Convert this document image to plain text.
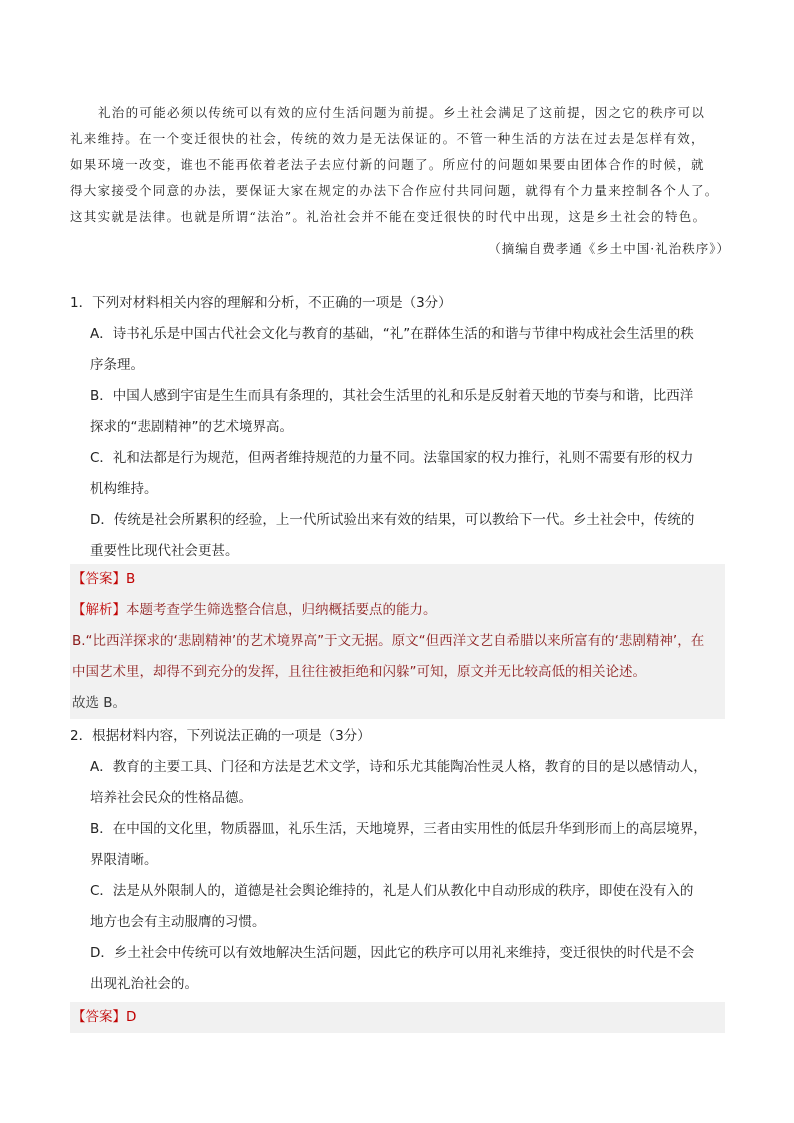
礼治的可能必须以传统可以有效的应付生活问题为前提。乡土社会满足了这前提，因之它的秩序可以

礼来维持。在一个变迁很快的社会，传统的效力是无法保证的。不管一种生活的方法在过去是怎样有效，

如果环境一改变，谁也不能再依着老法子去应付新的问题了。所应付的问题如果要由团体合作的时候，就

得大家接受个同意的办法，要保证大家在规定的办法下合作应付共同问题，就得有个力量来控制各个人了。

这其实就是法律。也就是所谓“法治”。礼治社会并不能在变迁很快的时代中出现，这是乡土社会的特色。

（摘编自费孝通《乡土中国·礼治秩序》）

1．下列对材料相关内容的理解和分析，不正确的一项是（3分）

A．诗书礼乐是中国古代社会文化与教育的基础，“礼”在群体生活的和谐与节律中构成社会生活里的秩

序条理。

B．中国人感到宇宙是生生而具有条理的，其社会生活里的礼和乐是反射着天地的节奏与和谐，比西洋

探求的“悲剧精神”的艺术境界高。

C．礼和法都是行为规范，但两者维持规范的力量不同。法靠国家的权力推行，礼则不需要有形的权力

机构维持。

D．传统是社会所累积的经验，上一代所试验出来有效的结果，可以教给下一代。乡土社会中，传统的

重要性比现代社会更甚。

【答案】B
【解析】本题考查学生筛选整合信息，归纳概括要点的能力。
B.“比西洋探求的‘悲剧精神’的艺术境界高”于文无据。原文“但西洋文艺自希腊以来所富有的‘悲剧精神’，在
中国艺术里，却得不到充分的发挥，且往往被拒绝和闪躲”可知，原文并无比较高低的相关论述。
故选 B。

2．根据材料内容，下列说法正确的一项是（3分）

A．教育的主要工具、门径和方法是艺术文学，诗和乐尤其能陶冶性灵人格，教育的目的是以感情动人，

培养社会民众的性格品德。

B．在中国的文化里，物质器皿，礼乐生活，天地境界，三者由实用性的低层升华到形而上的高层境界，

界限清晰。

C．法是从外限制人的，道德是社会舆论维持的，礼是人们从教化中自动形成的秩序，即使在没有入的

地方也会有主动服膺的习惯。

D．乡土社会中传统可以有效地解决生活问题，因此它的秩序可以用礼来维持，变迁很快的时代是不会

出现礼治社会的。

【答案】D
